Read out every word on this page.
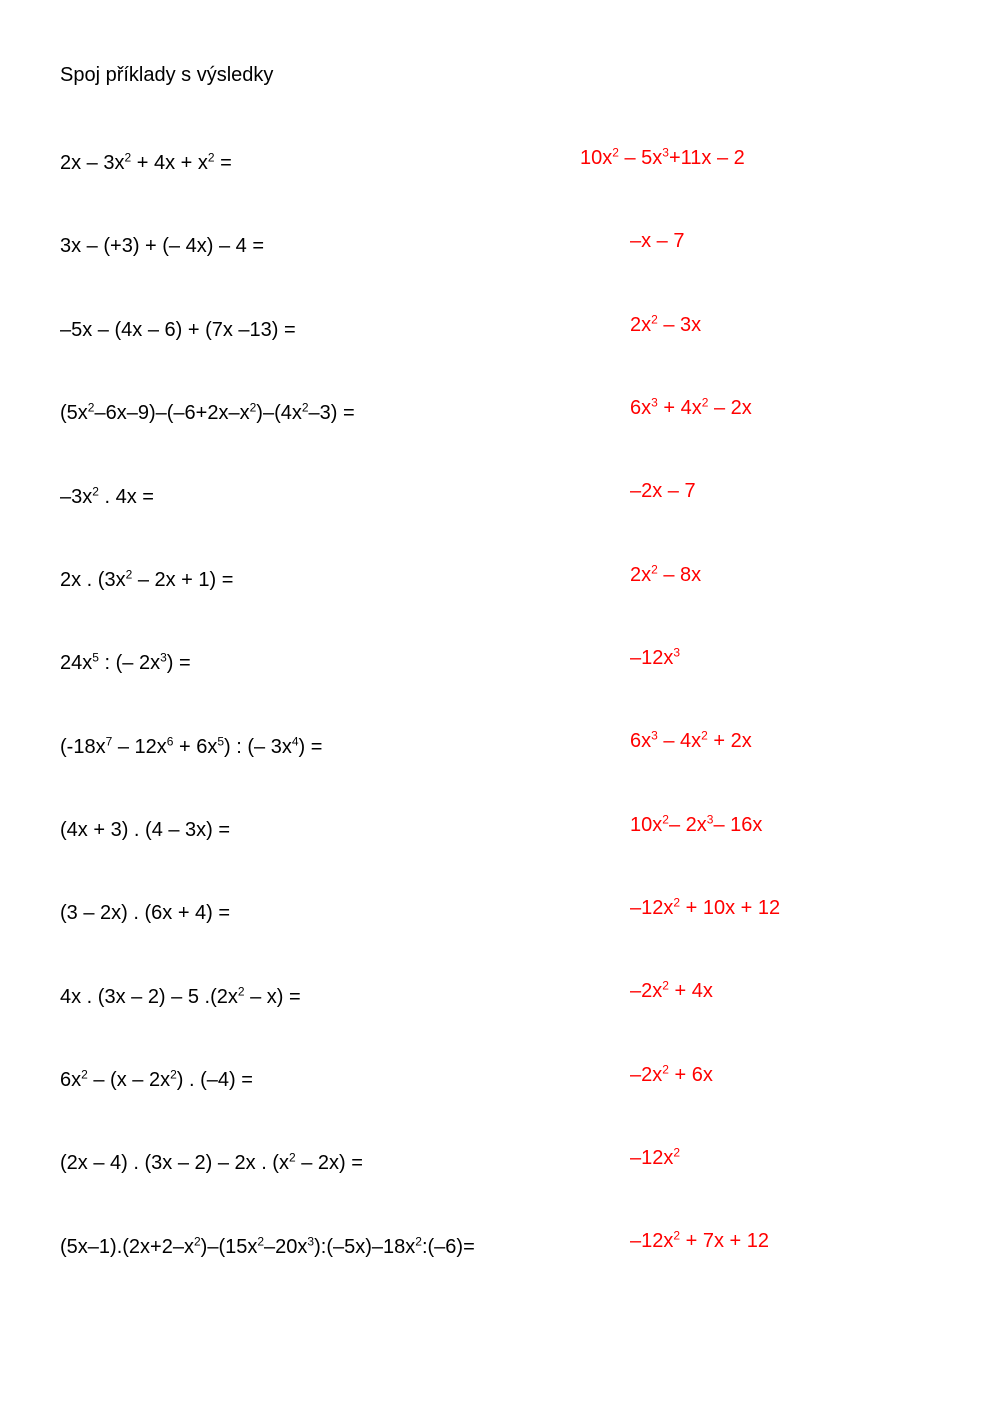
Spoj příklady s výsledky
$2x - 3x^2 + 4x + x^2$ =
3x – (+3) + (– 4x) – 4 =
–5x – (4x – 6) + (7x –13) =
$(5x^2-6x-9)-(-6+2x-x^2)-(4x^2-3)$ =
$-3x^2$ . 4x =
2x . $(3x^2 - 2x + 1)$ =
$24x^5$ : (– $2x^3$) =
$(-18x^7 - 12x^6 + 6x^5)$ : (– $3x^4$) =
(4x + 3) . (4 – 3x) =
(3 – 2x) . (6x + 4) =
4x . (3x – 2) – 5 $.(2x^2 - x)$ =
$6x^2 - (x - 2x^2)$ . (–4) =
(2x – 4) . (3x – 2) – 2x . $(x^2 - 2x)$ =
$(5x-1).(2x+2-x^2)-(15x^2-20x^3):(-5x)-18x^2:(-6)=$
$10x^2 - 5x^3+11x - 2$
–x – 7
$2x^2 - 3x$
$6x^3 + 4x^2 - 2x$
–2x – 7
$2x^2 - 8x$
$-12x^3$
$6x^3 - 4x^2 + 2x$
$10x^2-$ $2x^3-$ 16x
$-12x^2 + 10x + 12$
$-2x^2 + 4x$
$-2x^2 + 6x$
$-12x^2$
$-12x^2 + 7x + 12$
